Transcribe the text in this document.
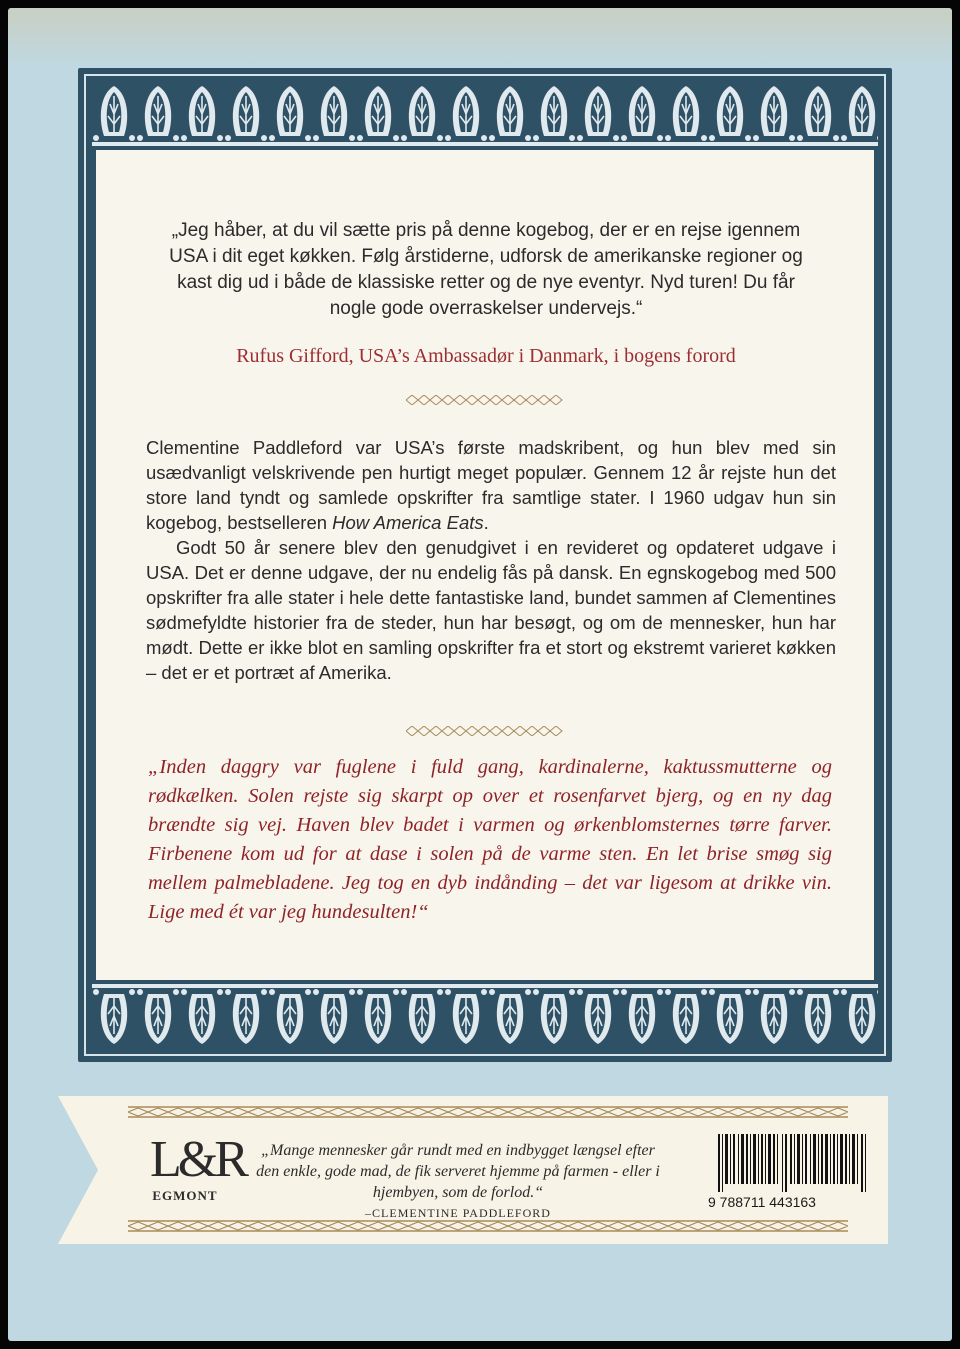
„Jeg håber, at du vil sætte pris på denne kogebog, der er en rejse igennem USA i dit eget køkken. Følg årstiderne, udforsk de amerikanske regioner og kast dig ud i både de klassiske retter og de nye eventyr. Nyd turen! Du får nogle gode overraskelser undervejs.“
Rufus Gifford, USA’s Ambassadør i Danmark, i bogens forord

Clementine Paddleford var USA’s første madskribent, og hun blev med sin usædvanligt velskrivende pen hurtigt meget populær. Gennem 12 år rejste hun det store land tyndt og samlede opskrifter fra samtlige stater. I 1960 udgav hun sin kogebog, bestselleren How America Eats.

Godt 50 år senere blev den genudgivet i en revideret og opdateret udgave i USA. Det er denne udgave, der nu endelig fås på dansk. En egnskogebog med 500 opskrifter fra alle stater i hele dette fantastiske land, bundet sammen af Clementines sødmefyldte historier fra de steder, hun har besøgt, og om de mennesker, hun har mødt. Dette er ikke blot en samling opskrifter fra et stort og ekstremt varieret køkken – det er et portræt af Amerika.

„Inden daggry var fuglene i fuld gang, kardinalerne, kaktussmutterne og rødkælken. Solen rejste sig skarpt op over et rosenfarvet bjerg, og en ny dag brændte sig vej. Haven blev badet i varmen og ørkenblomsternes tørre farver. Firbenene kom ud for at dase i solen på de varme sten. En let brise smøg sig mellem palmebladene. Jeg tog en dyb indånding – det var ligesom at drikke vin. Lige med ét var jeg hundesulten!“
L&R
EGMONT
„Mange mennesker går rundt med en indbygget længsel efter den enkle, gode mad, de fik serveret hjemme på farmen - eller i hjembyen, som de forlod.“
–CLEMENTINE PADDLEFORD
9 788711 443163
